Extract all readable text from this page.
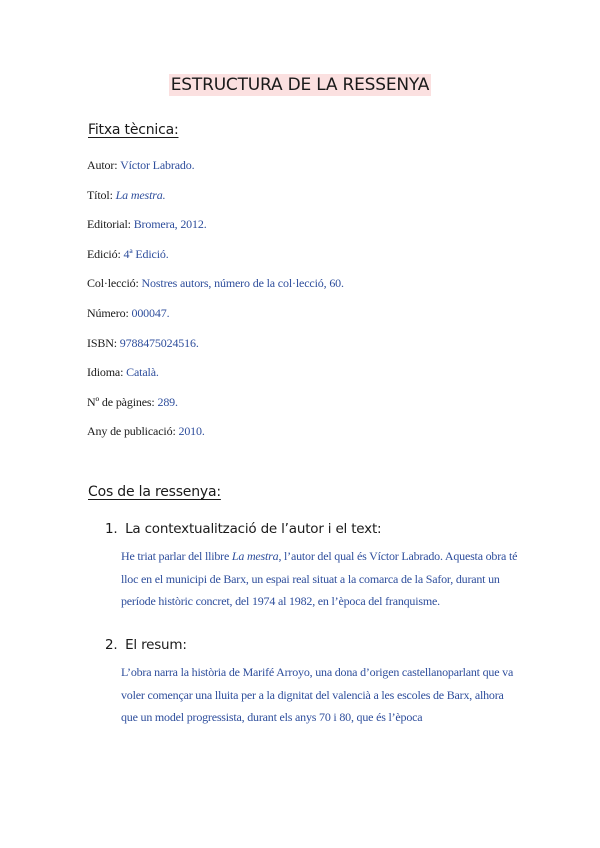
ESTRUCTURA DE LA RESSENYA
Fitxa tècnica:
Autor: Víctor Labrado.
Títol: La mestra.
Editorial: Bromera, 2012.
Edició: 4ª Edició.
Col·lecció: Nostres autors, número de la col·lecció, 60.
Número: 000047.
ISBN: 9788475024516.
Idioma: Català.
Nº de pàgines: 289.
Any de publicació: 2010.
Cos de la ressenya:
1. La contextualització de l’autor i el text:
He triat parlar del llibre La mestra, l’autor del qual és Víctor Labrado. Aquesta obra té lloc en el municipi de Barx, un espai real situat a la comarca de la Safor, durant un període històric concret, del 1974 al 1982, en l’època del franquisme.
2. El resum:
L’obra narra la història de Marifé Arroyo, una dona d’origen castellanoparlant que va voler començar una lluita per a la dignitat del valencià a les escoles de Barx, alhora que un model progressista, durant els anys 70 i 80, que és l’època
